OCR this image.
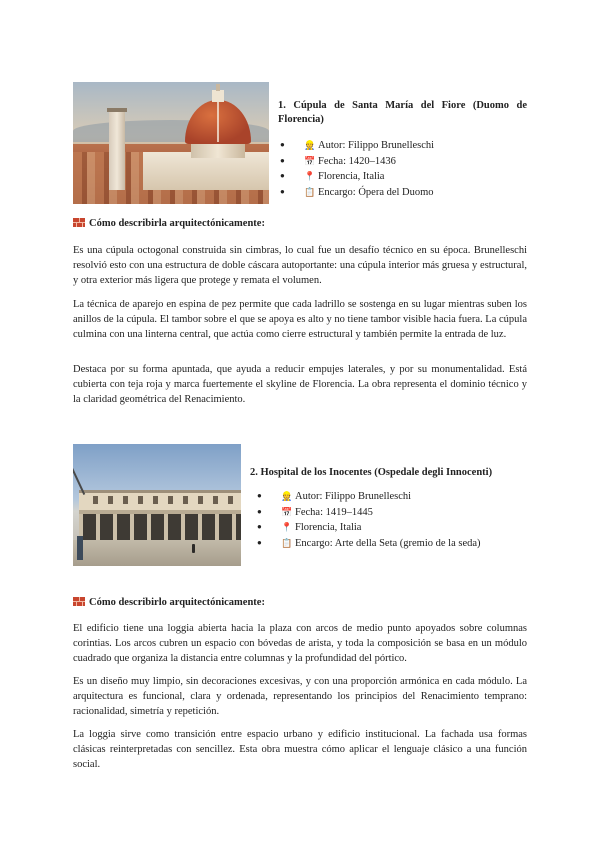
1. Cúpula de Santa María del Fiore (Duomo de Florencia)
● 👷 Autor: Filippo Brunelleschi
● 📅 Fecha: 1420–1436
● 📍 Florencia, Italia
● 📋 Encargo: Ópera del Duomo
Cómo describirla arquitectónicamente:

Es una cúpula octogonal construida sin cimbras, lo cual fue un desafío técnico en su época. Brunelleschi resolvió esto con una estructura de doble cáscara autoportante: una cúpula interior más gruesa y estructural, y otra exterior más ligera que protege y remata el volumen.

La técnica de aparejo en espina de pez permite que cada ladrillo se sostenga en su lugar mientras suben los anillos de la cúpula. El tambor sobre el que se apoya es alto y no tiene tambor visible hacia fuera. La cúpula culmina con una linterna central, que actúa como cierre estructural y también permite la entrada de luz.

Destaca por su forma apuntada, que ayuda a reducir empujes laterales, y por su monumentalidad. Está cubierta con teja roja y marca fuertemente el skyline de Florencia. La obra representa el dominio técnico y la claridad geométrica del Renacimiento.

2. Hospital de los Inocentes (Ospedale degli Innocenti)
● 👷 Autor: Filippo Brunelleschi
● 📅 Fecha: 1419–1445
● 📍 Florencia, Italia
● 📋 Encargo: Arte della Seta (gremio de la seda)
Cómo describirlo arquitectónicamente:

El edificio tiene una loggia abierta hacia la plaza con arcos de medio punto apoyados sobre columnas corintias. Los arcos cubren un espacio con bóvedas de arista, y toda la composición se basa en un módulo cuadrado que organiza la distancia entre columnas y la profundidad del pórtico.

Es un diseño muy limpio, sin decoraciones excesivas, y con una proporción armónica en cada módulo. La arquitectura es funcional, clara y ordenada, representando los principios del Renacimiento temprano: racionalidad, simetría y repetición.

La loggia sirve como transición entre espacio urbano y edificio institucional. La fachada usa formas clásicas reinterpretadas con sencillez. Esta obra muestra cómo aplicar el lenguaje clásico a una función social.
